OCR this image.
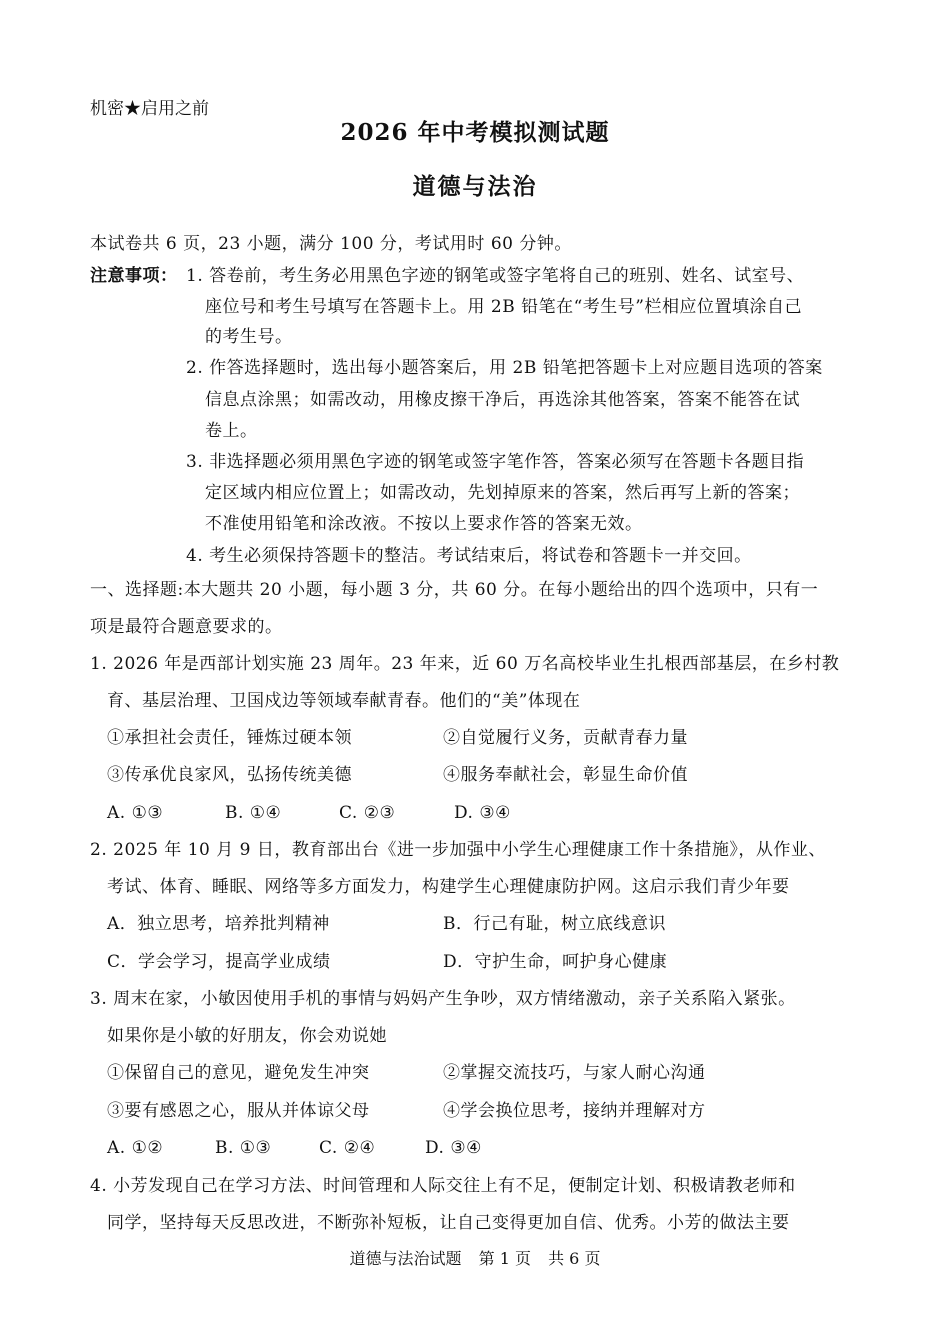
机密★启用之前
2026 年中考模拟测试题
道德与法治
本试卷共 6 页，23 小题，满分 100 分，考试用时 60 分钟。
注意事项： 1. 答卷前，考生务必用黑色字迹的钢笔或签字笔将自己的班别、姓名、试室号、
座位号和考生号填写在答题卡上。用 2B 铅笔在“考生号”栏相应位置填涂自己
的考生号。
2. 作答选择题时，选出每小题答案后，用 2B 铅笔把答题卡上对应题目选项的答案
信息点涂黑；如需改动，用橡皮擦干净后，再选涂其他答案，答案不能答在试
卷上。
3. 非选择题必须用黑色字迹的钢笔或签字笔作答，答案必须写在答题卡各题目指
定区域内相应位置上；如需改动，先划掉原来的答案，然后再写上新的答案；
不准使用铅笔和涂改液。不按以上要求作答的答案无效。
4. 考生必须保持答题卡的整洁。考试结束后，将试卷和答题卡一并交回。
一、选择题:本大题共 20 小题，每小题 3 分，共 60 分。在每小题给出的四个选项中，只有一
项是最符合题意要求的。
1. 2026 年是西部计划实施 23 周年。23 年来，近 60 万名高校毕业生扎根西部基层，在乡村教
育、基层治理、卫国戍边等领域奉献青春。他们的“美”体现在
①承担社会责任，锤炼过硬本领	②自觉履行义务，贡献青春力量
③传承优良家风，弘扬传统美德	④服务奉献社会，彰显生命价值
A. ①③	B. ①④	C. ②③	D. ③④
2. 2025 年 10 月 9 日，教育部出台《进一步加强中小学生心理健康工作十条措施》，从作业、
考试、体育、睡眠、网络等多方面发力，构建学生心理健康防护网。这启示我们青少年要
A．独立思考，培养批判精神	B．行己有耻，树立底线意识
C．学会学习，提高学业成绩	D．守护生命，呵护身心健康
3. 周末在家，小敏因使用手机的事情与妈妈产生争吵，双方情绪激动，亲子关系陷入紧张。
如果你是小敏的好朋友，你会劝说她
①保留自己的意见，避免发生冲突	②掌握交流技巧，与家人耐心沟通
③要有感恩之心，服从并体谅父母	④学会换位思考，接纳并理解对方
A. ①②	B. ①③	C. ②④	D. ③④
4. 小芳发现自己在学习方法、时间管理和人际交往上有不足，便制定计划、积极请教老师和
同学，坚持每天反思改进，不断弥补短板，让自己变得更加自信、优秀。小芳的做法主要
道德与法治试题 第 1 页 共 6 页
